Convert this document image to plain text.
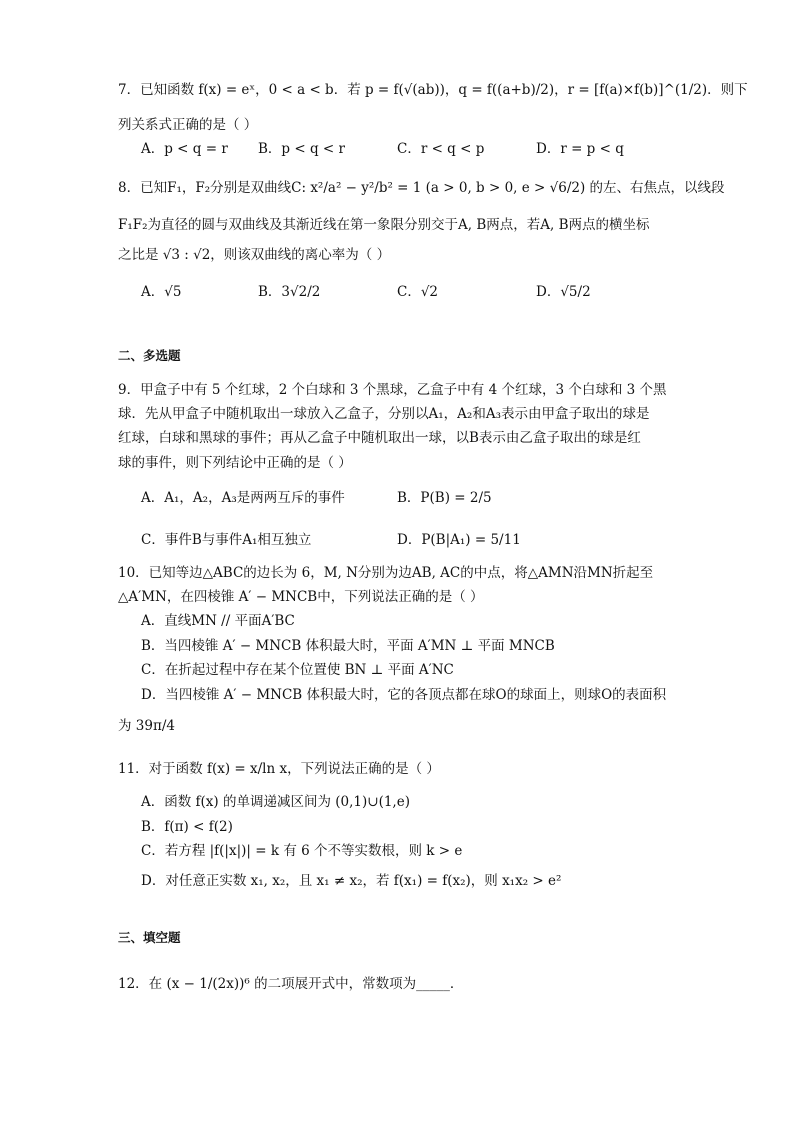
7．已知函数 f(x) = eˣ，0 < a < b．若 p = f(√(ab))，q = f((a+b)/2)，r = [f(a)×f(b)]^(1/2)．则下
列关系式正确的是（ ）
A．p < q = r B．p < q < r	C．r < q < p	D．r = p < q
8．已知F₁，F₂分别是双曲线C: x²/a² − y²/b² = 1 (a > 0, b > 0, e > √6/2) 的左、右焦点，以线段
F₁F₂为直径的圆与双曲线及其渐近线在第一象限分别交于A, B两点，若A, B两点的横坐标
之比是 √3 : √2，则该双曲线的离心率为（ ）
A．√5	B．3√2/2	C．√2	D．√5/2
二、多选题
9．甲盒子中有 5 个红球，2 个白球和 3 个黑球，乙盒子中有 4 个红球，3 个白球和 3 个黑
球．先从甲盒子中随机取出一球放入乙盒子，分别以A₁，A₂和A₃表示由甲盒子取出的球是
红球，白球和黑球的事件；再从乙盒子中随机取出一球，以B表示由乙盒子取出的球是红
球的事件，则下列结论中正确的是（ ）
A．A₁，A₂，A₃是两两互斥的事件	B．P(B) = 2/5
C．事件B与事件A₁相互独立	D．P(B|A₁) = 5/11
10．已知等边△ABC的边长为 6，M, N分别为边AB, AC的中点，将△AMN沿MN折起至
△A′MN，在四棱锥 A′ − MNCB中，下列说法正确的是（ ）
A．直线MN // 平面A′BC
B．当四棱锥 A′ − MNCB 体积最大时，平面 A′MN ⊥ 平面 MNCB
C．在折起过程中存在某个位置使 BN ⊥ 平面 A′NC
D．当四棱锥 A′ − MNCB 体积最大时，它的各顶点都在球O的球面上，则球O的表面积
为 39π/4
11．对于函数 f(x) = x/ln x，下列说法正确的是（ ）
A．函数 f(x) 的单调递减区间为 (0,1)∪(1,e)
B．f(π) < f(2)
C．若方程 |f(|x|)| = k 有 6 个不等实数根，则 k > e
D．对任意正实数 x₁, x₂，且 x₁ ≠ x₂，若 f(x₁) = f(x₂)，则 x₁x₂ > e²
三、填空题
12．在 (x − 1/(2x))⁶ 的二项展开式中，常数项为_____．
